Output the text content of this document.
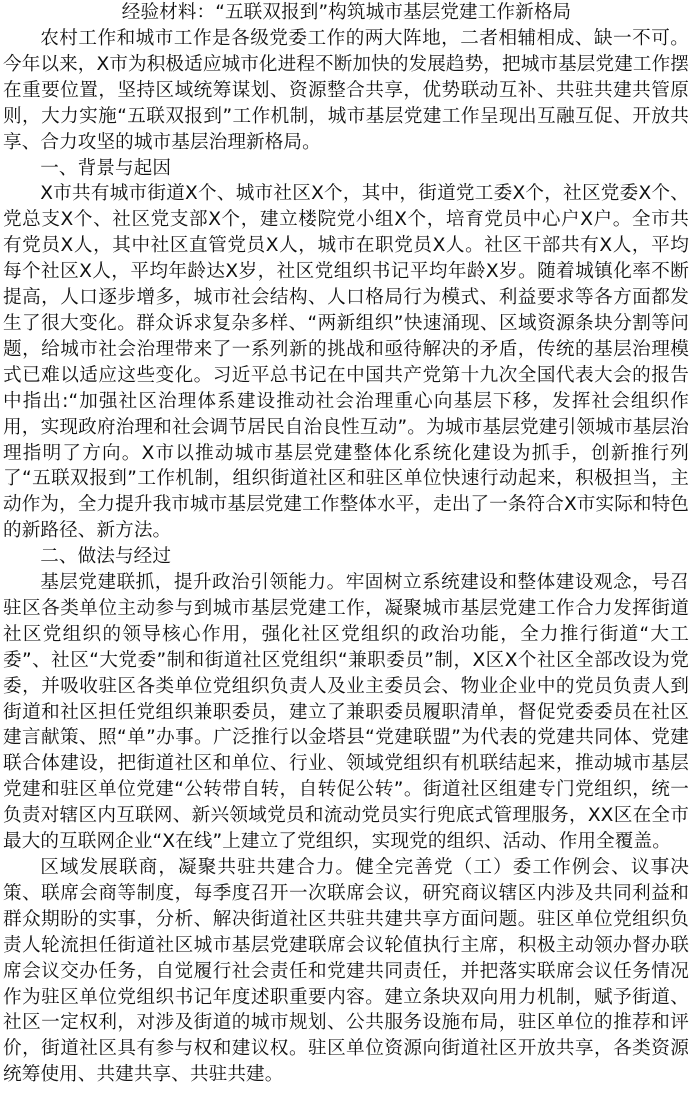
经验材料：“五联双报到”构筑城市基层党建工作新格局

农村工作和城市工作是各级党委工作的两大阵地，二者相辅相成、缺一不可。今年以来，X市为积极适应城市化进程不断加快的发展趋势，把城市基层党建工作摆在重要位置，坚持区域统筹谋划、资源整合共享，优势联动互补、共驻共建共管原则，大力实施“五联双报到”工作机制，城市基层党建工作呈现出互融互促、开放共享、合力攻坚的城市基层治理新格局。

一、背景与起因

X市共有城市街道X个、城市社区X个，其中，街道党工委X个，社区党委X个、党总支X个、社区党支部X个，建立楼院党小组X个，培育党员中心户X户。全市共有党员X人，其中社区直管党员X人，城市在职党员X人。社区干部共有X人，平均每个社区X人，平均年龄达X岁，社区党组织书记平均年龄X岁。随着城镇化率不断提高，人口逐步增多，城市社会结构、人口格局行为模式、利益要求等各方面都发生了很大变化。群众诉求复杂多样、“两新组织”快速涌现、区域资源条块分割等问题，给城市社会治理带来了一系列新的挑战和亟待解决的矛盾，传统的基层治理模式已难以适应这些变化。习近平总书记在中国共产党第十九次全国代表大会的报告中指出:“加强社区治理体系建设推动社会治理重心向基层下移，发挥社会组织作用，实现政府治理和社会调节居民自治良性互动”。为城市基层党建引领城市基层治理指明了方向。X市以推动城市基层党建整体化系统化建设为抓手，创新推行列了“五联双报到”工作机制，组织街道社区和驻区单位快速行动起来，积极担当，主动作为，全力提升我市城市基层党建工作整体水平，走出了一条符合X市实际和特色的新路径、新方法。

二、做法与经过

基层党建联抓，提升政治引领能力。牢固树立系统建设和整体建设观念，号召驻区各类单位主动参与到城市基层党建工作，凝聚城市基层党建工作合力发挥街道社区党组织的领导核心作用，强化社区党组织的政治功能，全力推行街道“大工委”、社区“大党委”制和街道社区党组织“兼职委员”制，X区X个社区全部改设为党委，并吸收驻区各类单位党组织负责人及业主委员会、物业企业中的党员负责人到街道和社区担任党组织兼职委员，建立了兼职委员履职清单，督促党委委员在社区建言献策、照“单”办事。广泛推行以金塔县“党建联盟”为代表的党建共同体、党建联合体建设，把街道社区和单位、行业、领域党组织有机联结起来，推动城市基层党建和驻区单位党建“公转带自转，自转促公转”。街道社区组建专门党组织，统一负责对辖区内互联网、新兴领域党员和流动党员实行兜底式管理服务，XX区在全市最大的互联网企业“X在线”上建立了党组织，实现党的组织、活动、作用全覆盖。

区域发展联商，凝聚共驻共建合力。健全完善党（工）委工作例会、议事决策、联席会商等制度，每季度召开一次联席会议，研究商议辖区内涉及共同利益和群众期盼的实事，分析、解决街道社区共驻共建共享方面问题。驻区单位党组织负责人轮流担任街道社区城市基层党建联席会议轮值执行主席，积极主动领办督办联席会议交办任务，自觉履行社会责任和党建共同责任，并把落实联席会议任务情况作为驻区单位党组织书记年度述职重要内容。建立条块双向用力机制，赋予街道、社区一定权利，对涉及街道的城市规划、公共服务设施布局，驻区单位的推荐和评价，街道社区具有参与权和建议权。驻区单位资源向街道社区开放共享，各类资源统筹使用、共建共享、共驻共建。
